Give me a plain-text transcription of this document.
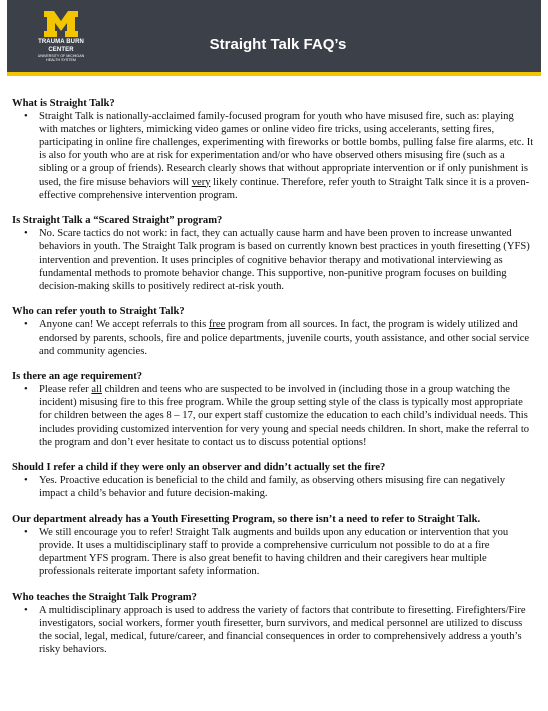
TRAUMA BURN
CENTER
UNIVERSITY OF MICHIGAN
HEALTH SYSTEM
Straight Talk FAQ’s

What is Straight Talk?

• Straight Talk is nationally-acclaimed family-focused program for youth who have misused fire, such as: playing with matches or lighters, mimicking video games or online video fire tricks, using accelerants, setting fires, participating in online fire challenges, experimenting with fireworks or bottle bombs, pulling false fire alarms, etc. It is also for youth who are at risk for experimentation and/or who have observed others misusing fire (such as a sibling or a group of friends). Research clearly shows that without appropriate intervention or if only punishment is used, the fire misuse behaviors will very likely continue. Therefore, refer youth to Straight Talk since it is a proven-effective comprehensive intervention program.

Is Straight Talk a “Scared Straight” program?

• No. Scare tactics do not work: in fact, they can actually cause harm and have been proven to increase unwanted behaviors in youth. The Straight Talk program is based on currently known best practices in youth firesetting (YFS) intervention and prevention. It uses principles of cognitive behavior therapy and motivational interviewing as fundamental methods to promote behavior change. This supportive, non-punitive program focuses on building decision-making skills to positively redirect at-risk youth.

Who can refer youth to Straight Talk?

• Anyone can! We accept referrals to this free program from all sources. In fact, the program is widely utilized and endorsed by parents, schools, fire and police departments, juvenile courts, youth assistance, and other social service and community agencies.

Is there an age requirement?

• Please refer all children and teens who are suspected to be involved in (including those in a group watching the incident) misusing fire to this free program. While the group setting style of the class is typically most appropriate for children between the ages 8 – 17, our expert staff customize the education to each child’s individual needs. This includes providing customized intervention for very young and special needs children. In short, make the referral to the program and don’t ever hesitate to contact us to discuss potential options!

Should I refer a child if they were only an observer and didn’t actually set the fire?

• Yes. Proactive education is beneficial to the child and family, as observing others misusing fire can negatively impact a child’s behavior and future decision-making.

Our department already has a Youth Firesetting Program, so there isn’t a need to refer to Straight Talk.

• We still encourage you to refer! Straight Talk augments and builds upon any education or intervention that you provide. It uses a multidisciplinary staff to provide a comprehensive curriculum not possible to do at a fire department YFS program. There is also great benefit to having children and their caregivers hear multiple professionals reiterate important safety information.

Who teaches the Straight Talk Program?

• A multidisciplinary approach is used to address the variety of factors that contribute to firesetting. Firefighters/Fire investigators, social workers, former youth firesetter, burn survivors, and medical personnel are utilized to discuss the social, legal, medical, future/career, and financial consequences in order to comprehensively address a youth’s risky behaviors.
